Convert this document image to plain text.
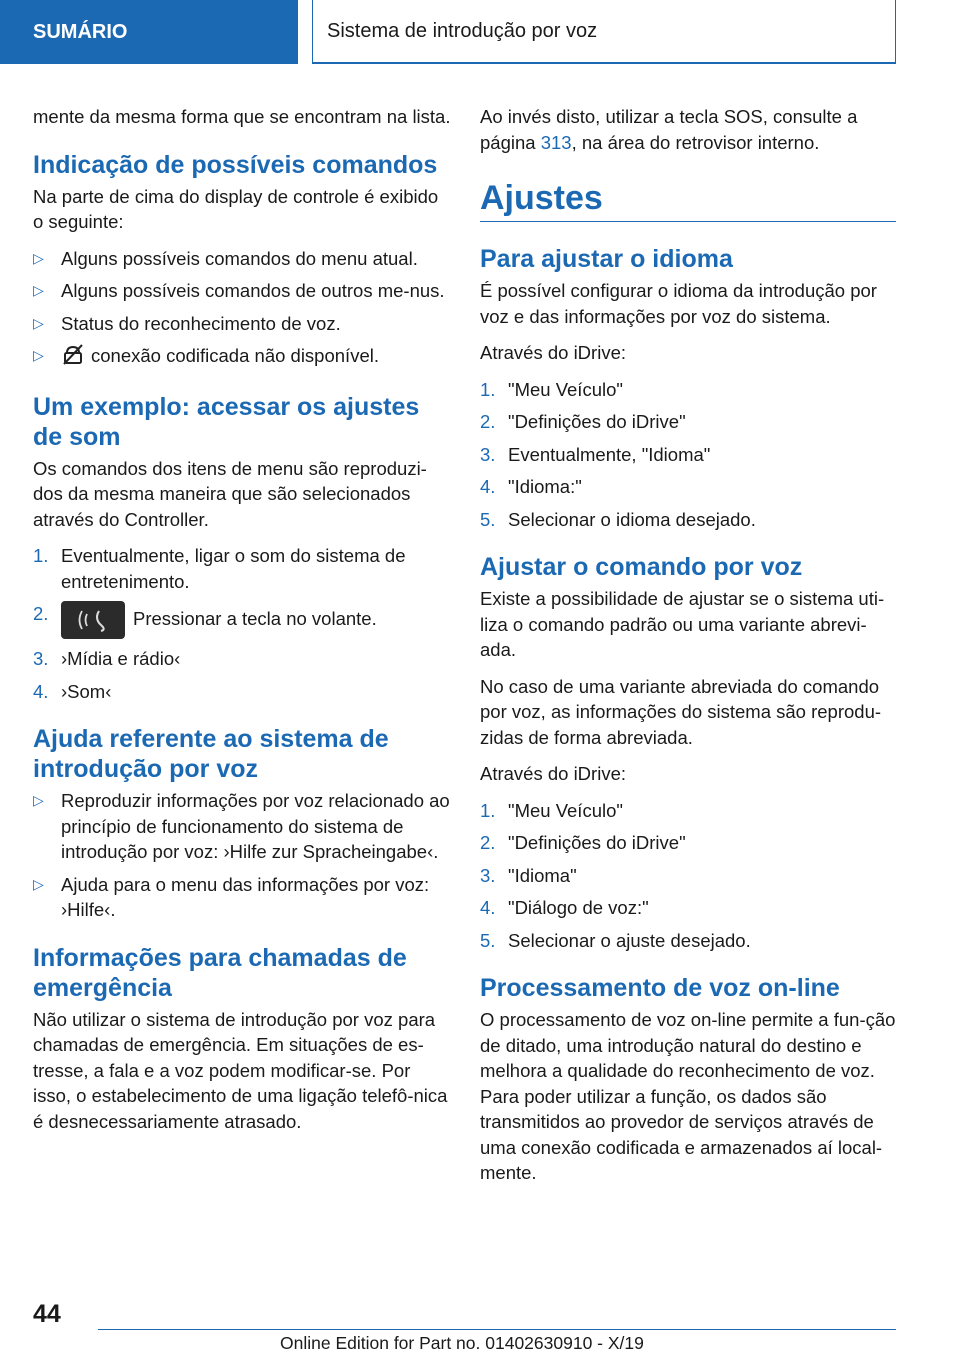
SUMÁRIO	Sistema de introdução por voz

mente da mesma forma que se encontram na lista.

Indicação de possíveis comandos

Na parte de cima do display de controle é exibido o seguinte:

▷ Alguns possíveis comandos do menu atual.
▷ Alguns possíveis comandos de outros me‐nus.
▷ Status do reconhecimento de voz.
▷	conexão codificada não disponível.
Um exemplo: acessar os ajustes de som

Os comandos dos itens de menu são reproduzi‐dos da mesma maneira que são selecionados através do Controller.

1. Eventualmente, ligar o som do sistema de entretenimento.
2.	Pressionar a tecla no volante.
3. ›Mídia e rádio‹
4. ›Som‹
Ajuda referente ao sistema de introdução por voz
▷ Reproduzir informações por voz relacionado ao princípio de funcionamento do sistema de introdução por voz: ›Hilfe zur Spracheingabe‹.
▷ Ajuda para o menu das informações por voz: ›Hilfe‹.
Informações para chamadas de emergência

Não utilizar o sistema de introdução por voz para chamadas de emergência. Em situações de es‐tresse, a fala e a voz podem modificar-se. Por isso, o estabelecimento de uma ligação telefô‐nica é desnecessariamente atrasado.

Ao invés disto, utilizar a tecla SOS, consulte a página 313, na área do retrovisor interno.

Ajustes
Para ajustar o idioma

É possível configurar o idioma da introdução por voz e das informações por voz do sistema.

Através do iDrive:

1. "Meu Veículo"
2. "Definições do iDrive"
3. Eventualmente, "Idioma"
4. "Idioma:"
5. Selecionar o idioma desejado.
Ajustar o comando por voz

Existe a possibilidade de ajustar se o sistema uti‐liza o comando padrão ou uma variante abrevi‐ada.

No caso de uma variante abreviada do comando por voz, as informações do sistema são reprodu‐zidas de forma abreviada.

Através do iDrive:

1. "Meu Veículo"
2. "Definições do iDrive"
3. "Idioma"
4. "Diálogo de voz:"
5. Selecionar o ajuste desejado.
Processamento de voz on-line

O processamento de voz on-line permite a fun‐ção de ditado, uma introdução natural do destino e melhora a qualidade do reconhecimento de voz. Para poder utilizar a função, os dados são transmitidos ao provedor de serviços através de uma conexão codificada e armazenados aí local‐mente.

44
Online Edition for Part no. 01402630910 - X/19
